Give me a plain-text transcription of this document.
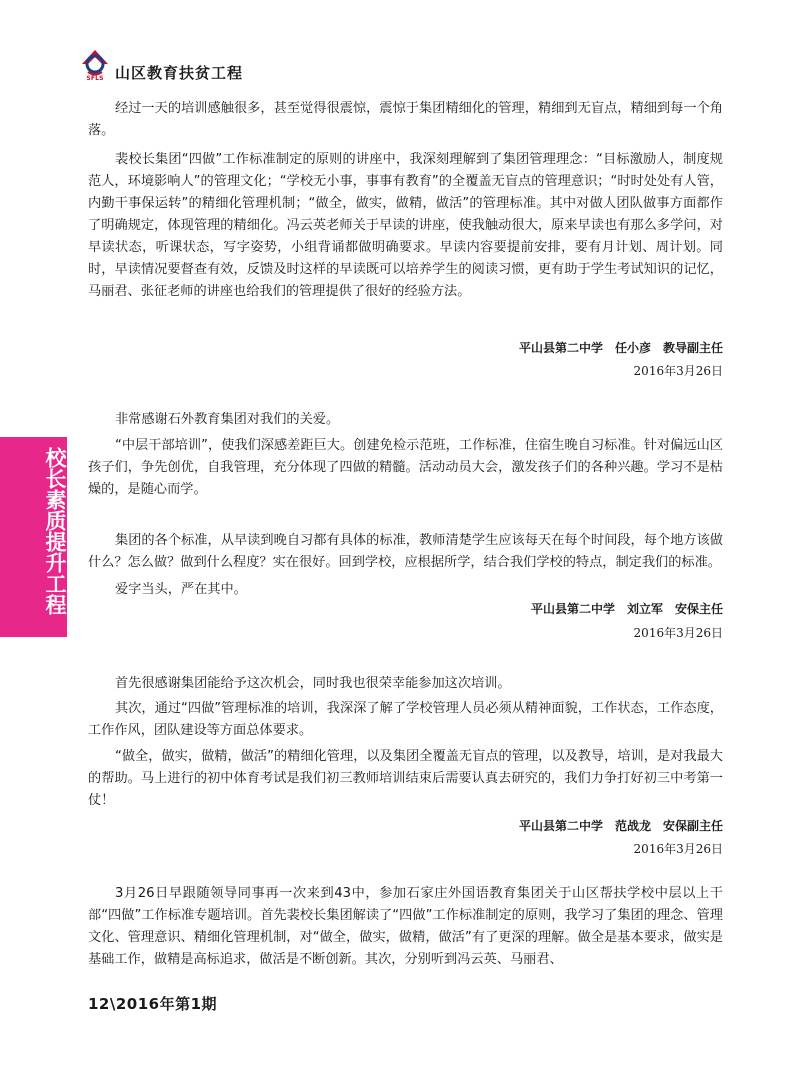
SFLS 山区教育扶贫工程
校长素质提升工程

经过一天的培训感触很多，甚至觉得很震惊，震惊于集团精细化的管理，精细到无盲点，精细到每一个角落。

裴校长集团“四做”工作标准制定的原则的讲座中，我深刻理解到了集团管理理念：“目标激励人，制度规范人，环境影响人”的管理文化；“学校无小事，事事有教育”的全覆盖无盲点的管理意识；“时时处处有人管，内勤干事保运转”的精细化管理机制；“做全，做实，做精，做活”的管理标准。其中对做人团队做事方面都作了明确规定，体现管理的精细化。冯云英老师关于早读的讲座，使我触动很大，原来早读也有那么多学问，对早读状态，听课状态，写字姿势，小组背诵都做明确要求。早读内容要提前安排，要有月计划、周计划。同时，早读情况要督查有效，反馈及时这样的早读既可以培养学生的阅读习惯，更有助于学生考试知识的记忆，马丽君、张征老师的讲座也给我们的管理提供了很好的经验方法。

平山县第二中学　任小彦　教导副主任
2016年3月26日

非常感谢石外教育集团对我们的关爱。

“中层干部培训”，使我们深感差距巨大。创建免检示范班，工作标准，住宿生晚自习标准。针对偏远山区孩子们，争先创优，自我管理，充分体现了四做的精髓。活动动员大会，激发孩子们的各种兴趣。学习不是枯燥的，是随心而学。

集团的各个标准，从早读到晚自习都有具体的标准，教师清楚学生应该每天在每个时间段，每个地方该做什么？怎么做？做到什么程度？实在很好。回到学校，应根据所学，结合我们学校的特点，制定我们的标准。

爱字当头，严在其中。

平山县第二中学　刘立军　安保主任
2016年3月26日

首先很感谢集团能给予这次机会，同时我也很荣幸能参加这次培训。

其次，通过“四做”管理标准的培训，我深深了解了学校管理人员必须从精神面貌，工作状态，工作态度，工作作风，团队建设等方面总体要求。

“做全，做实，做精，做活”的精细化管理，以及集团全覆盖无盲点的管理，以及教导，培训，是对我最大的帮助。马上进行的初中体育考试是我们初三教师培训结束后需要认真去研究的，我们力争打好初三中考第一仗！

平山县第二中学　范战龙　安保副主任
2016年3月26日

3月26日早跟随领导同事再一次来到43中，参加石家庄外国语教育集团关于山区帮扶学校中层以上干部“四做”工作标准专题培训。首先裴校长集团解读了“四做”工作标准制定的原则，我学习了集团的理念、管理文化、管理意识、精细化管理机制，对“做全，做实，做精，做活”有了更深的理解。做全是基本要求，做实是基础工作，做精是高标追求，做活是不断创新。其次，分别听到冯云英、马丽君、

12\2016年第1期
